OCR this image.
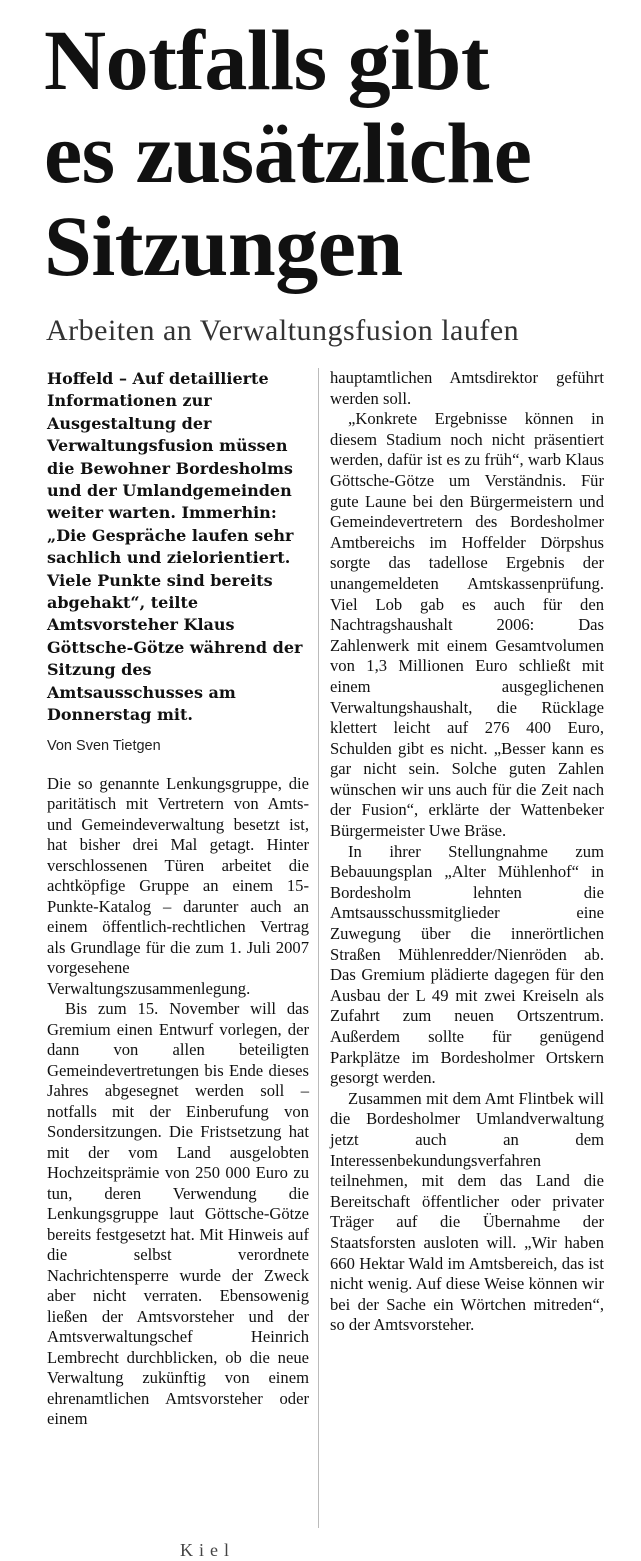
Notfalls gibt
es zusätzliche
Sitzungen
Arbeiten an Verwaltungsfusion laufen

Hoffeld – Auf detaillierte Informationen zur Ausgestaltung der Verwaltungsfusion müssen die Bewohner Bordesholms und der Umlandgemeinden weiter warten. Immerhin: „Die Gespräche laufen sehr sachlich und zielorientiert. Viele Punkte sind bereits abgehakt“, teilte Amtsvorsteher Klaus Göttsche-Götze während der Sitzung des Amtsausschusses am Donnerstag mit.

Von Sven Tietgen

Die so genannte Lenkungsgruppe, die paritätisch mit Vertretern von Amts- und Gemeindeverwaltung besetzt ist, hat bisher drei Mal getagt. Hinter verschlossenen Türen arbeitet die achtköpfige Gruppe an einem 15-Punkte-Katalog – darunter auch an einem öffentlich-rechtlichen Vertrag als Grundlage für die zum 1. Juli 2007 vorgesehene Verwaltungszusammenlegung.

Bis zum 15. November will das Gremium einen Entwurf vorlegen, der dann von allen beteiligten Gemeindevertretungen bis Ende dieses Jahres abgesegnet werden soll – notfalls mit der Einberufung von Sondersitzungen. Die Fristsetzung hat mit der vom Land ausgelobten Hochzeitsprämie von 250 000 Euro zu tun, deren Verwendung die Lenkungsgruppe laut Göttsche-Götze bereits festgesetzt hat. Mit Hinweis auf die selbst verordnete Nachrichtensperre wurde der Zweck aber nicht verraten. Ebensowenig ließen der Amtsvorsteher und der Amtsverwaltungschef Heinrich Lembrecht durchblicken, ob die neue Verwaltung zukünftig von einem ehrenamtlichen Amtsvorsteher oder einem

hauptamtlichen Amtsdirektor geführt werden soll.

„Konkrete Ergebnisse können in diesem Stadium noch nicht präsentiert werden, dafür ist es zu früh“, warb Klaus Göttsche-Götze um Verständnis. Für gute Laune bei den Bürgermeistern und Gemeindevertretern des Bordesholmer Amtbereichs im Hoffelder Dörpshus sorgte das tadellose Ergebnis der unangemeldeten Amtskassenprüfung. Viel Lob gab es auch für den Nachtragshaushalt 2006: Das Zahlenwerk mit einem Gesamtvolumen von 1,3 Millionen Euro schließt mit einem ausgeglichenen Verwaltungshaushalt, die Rücklage klettert leicht auf 276 400 Euro, Schulden gibt es nicht. „Besser kann es gar nicht sein. Solche guten Zahlen wünschen wir uns auch für die Zeit nach der Fusion“, erklärte der Wattenbeker Bürgermeister Uwe Bräse.

In ihrer Stellungnahme zum Bebauungsplan „Alter Mühlenhof“ in Bordesholm lehnten die Amtsausschussmitglieder eine Zuwegung über die innerörtlichen Straßen Mühlenredder/Nienröden ab. Das Gremium plädierte dagegen für den Ausbau der L 49 mit zwei Kreiseln als Zufahrt zum neuen Ortszentrum. Außerdem sollte für genügend Parkplätze im Bordesholmer Ortskern gesorgt werden.

Zusammen mit dem Amt Flintbek will die Bordesholmer Umlandverwaltung jetzt auch an dem Interessenbekundungsverfahren teilnehmen, mit dem das Land die Bereitschaft öffentlicher oder privater Träger auf die Übernahme der Staatsforsten ausloten will. „Wir haben 660 Hektar Wald im Amtsbereich, das ist nicht wenig. Auf diese Weise können wir bei der Sache ein Wörtchen mitreden“, so der Amtsvorsteher.

Kiel
